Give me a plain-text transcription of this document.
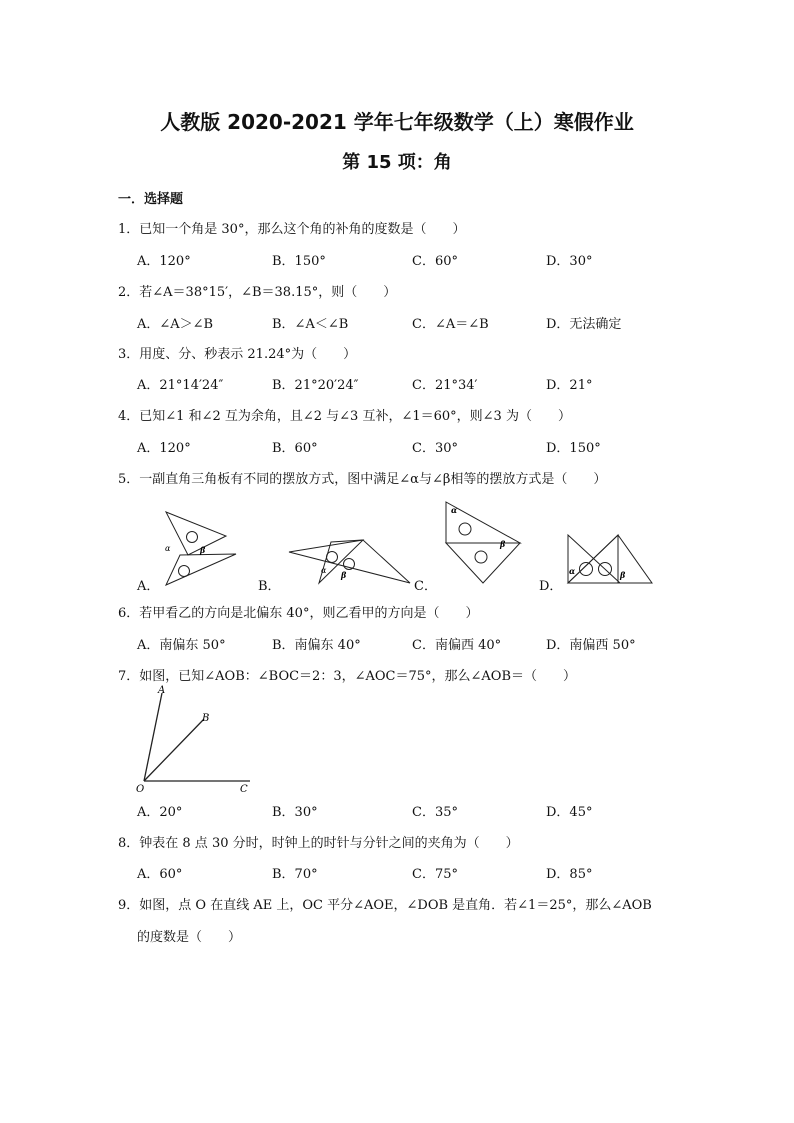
人教版 2020-2021 学年七年级数学（上）寒假作业
第 15 项：角
一．选择题
1．已知一个角是 30°，那么这个角的补角的度数是（　　）
A．120°	B．150°	C．60°	D．30°
2．若∠A＝38°15′，∠B＝38.15°，则（　　）
A．∠A＞∠B	B．∠A＜∠B	C．∠A＝∠B	D．无法确定
3．用度、分、秒表示 21.24°为（　　）
A．21°14′24″	B．21°20′24″	C．21°34′	D．21°
4．已知∠1 和∠2 互为余角，且∠2 与∠3 互补，∠1＝60°，则∠3 为（　　）
A．120°	B．60°	C．30°	D．150°
5．一副直角三角板有不同的摆放方式，图中满足∠α与∠β相等的摆放方式是（　　）
A．	B．	C．	D．
α	β
α β
α
β
α	β
6．若甲看乙的方向是北偏东 40°，则乙看甲的方向是（　　）
A．南偏东 50°	B．南偏东 40°	C．南偏西 40°	D．南偏西 50°
7．如图，已知∠AOB：∠BOC＝2：3，∠AOC＝75°，那么∠AOB＝（　　）
A
B
C
O
A．20°	B．30°	C．35°	D．45°
8．钟表在 8 点 30 分时，时钟上的时针与分针之间的夹角为（　　）
A．60°	B．70°	C．75°	D．85°
9．如图，点 O 在直线 AE 上，OC 平分∠AOE，∠DOB 是直角．若∠1＝25°，那么∠AOB
的度数是（　　）
